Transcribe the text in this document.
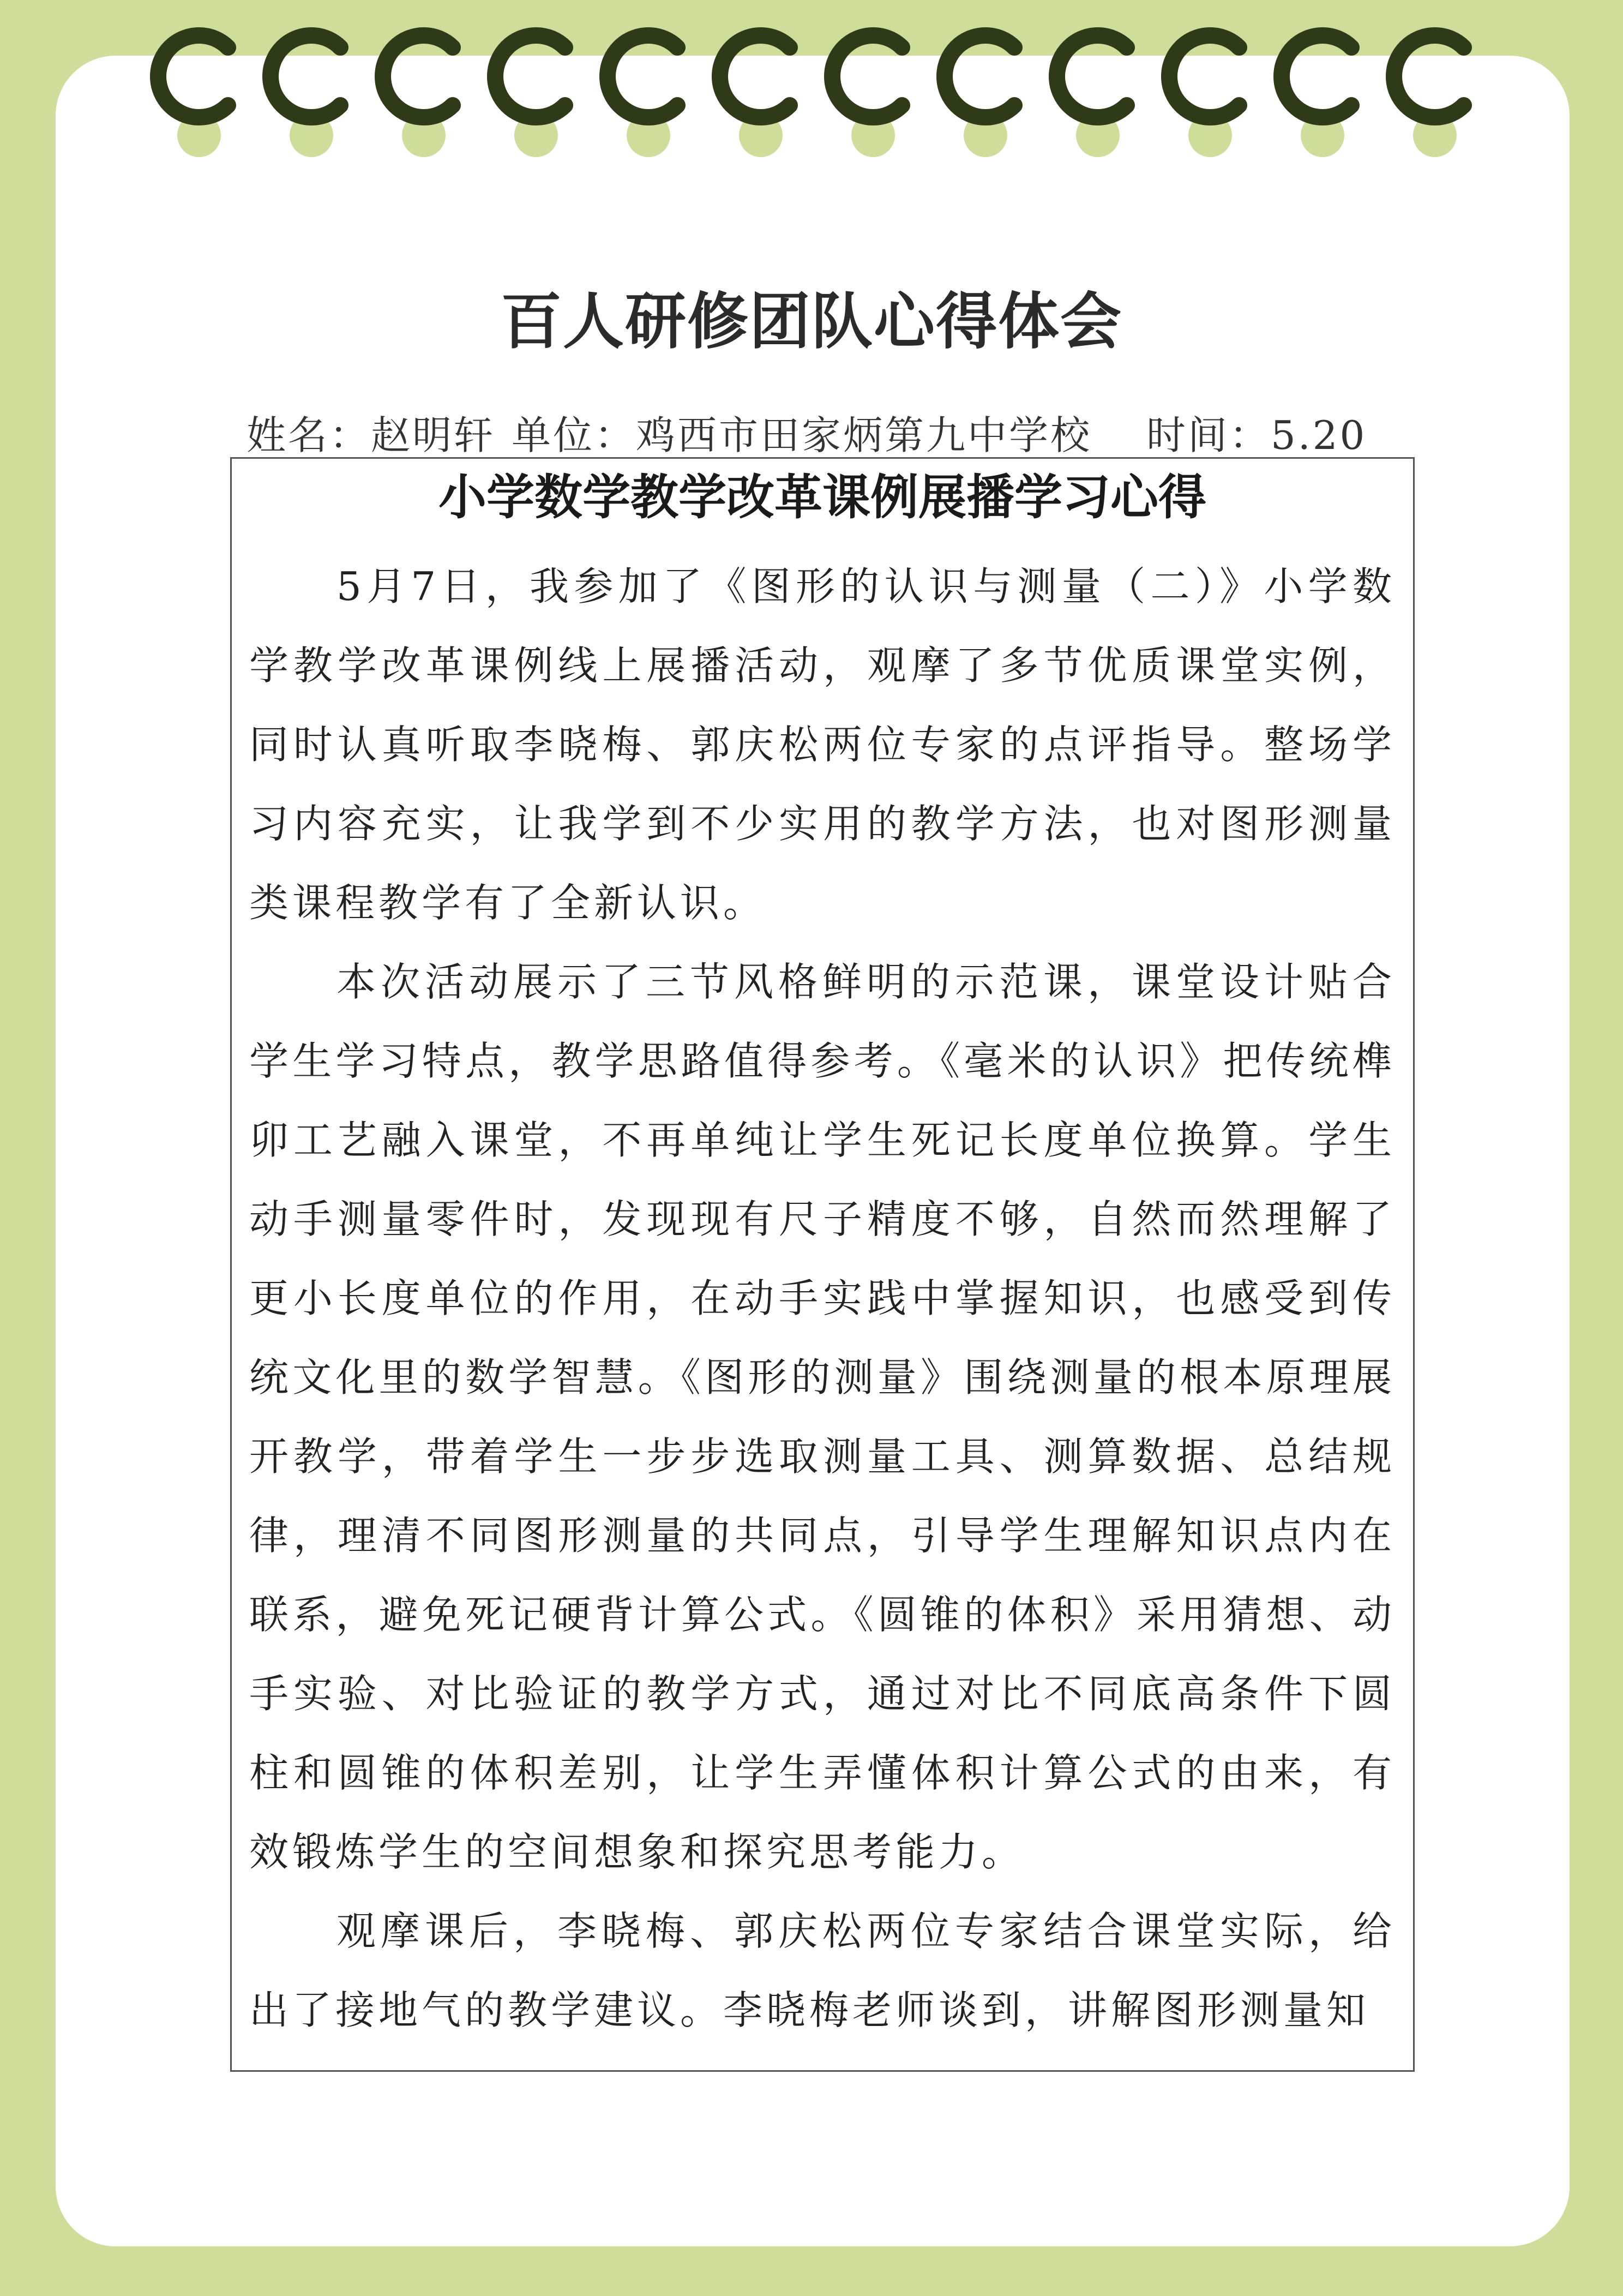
百人研修团队心得体会
姓名：赵明轩 单位：鸡西市田家炳第九中学校 时间：5.20
小学数学教学改革课例展播学习心得

5月7日，我参加了《图形的认识与测量（二）》小学数学教学改革课例线上展播活动，观摩了多节优质课堂实例，同时认真听取李晓梅、郭庆松两位专家的点评指导。整场学习内容充实，让我学到不少实用的教学方法，也对图形测量类课程教学有了全新认识。

本次活动展示了三节风格鲜明的示范课，课堂设计贴合学生学习特点，教学思路值得参考。《毫米的认识》把传统榫卯工艺融入课堂，不再单纯让学生死记长度单位换算。学生动手测量零件时，发现现有尺子精度不够，自然而然理解了更小长度单位的作用，在动手实践中掌握知识，也感受到传统文化里的数学智慧。《图形的测量》围绕测量的根本原理展开教学，带着学生一步步选取测量工具、测算数据、总结规律，理清不同图形测量的共同点，引导学生理解知识点内在联系，避免死记硬背计算公式。《圆锥的体积》采用猜想、动手实验、对比验证的教学方式，通过对比不同底高条件下圆柱和圆锥的体积差别，让学生弄懂体积计算公式的由来，有效锻炼学生的空间想象和探究思考能力。

观摩课后，李晓梅、郭庆松两位专家结合课堂实际，给出了接地气的教学建议。李晓梅老师谈到，讲解图形测量知
